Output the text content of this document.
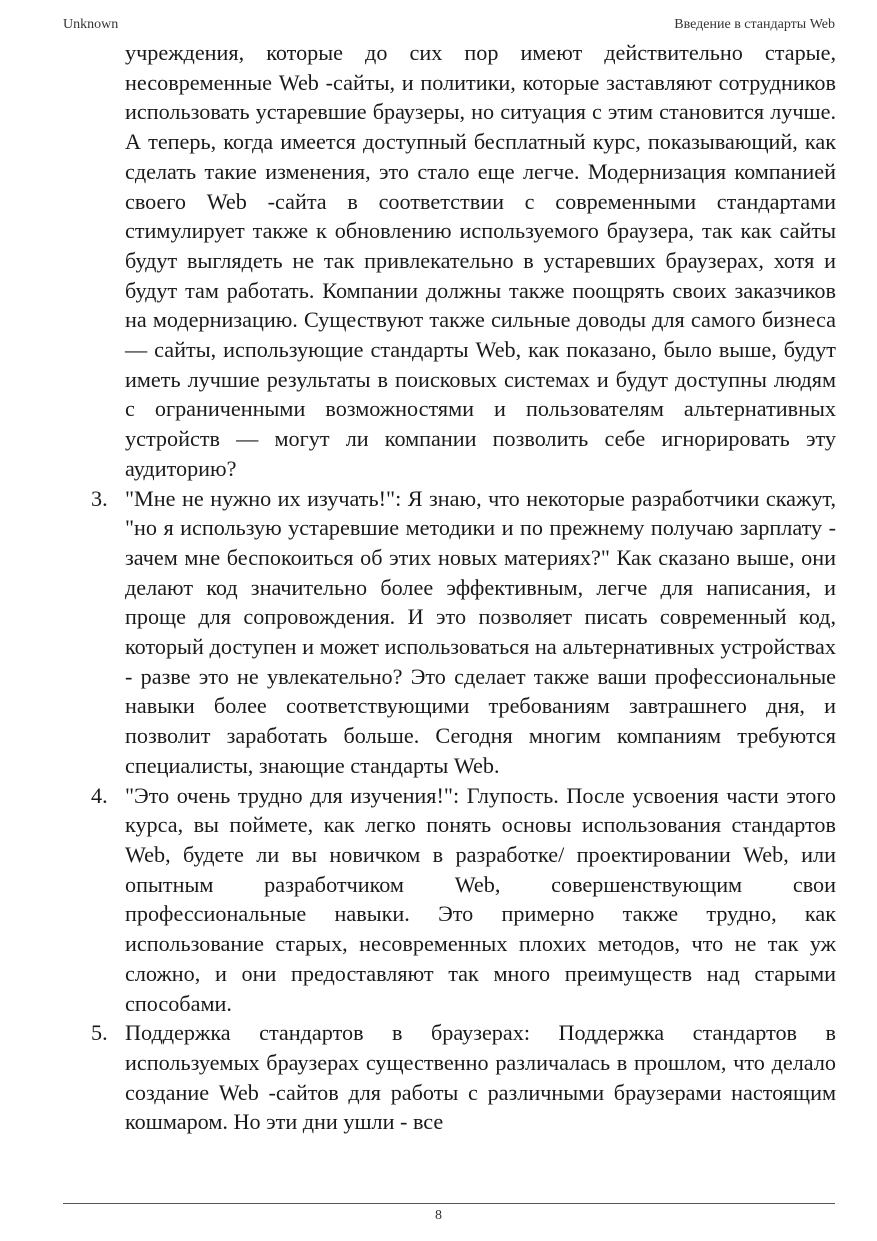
Unknown	Введение в стандарты Web

учреждения, которые до сих пор имеют действительно старые, несовременные Web -сайты, и политики, которые заставляют сотрудников использовать устаревшие браузеры, но ситуация с этим становится лучше. А теперь, когда имеется доступный бесплатный курс, показывающий, как сделать такие изменения, это стало еще легче. Модернизация компанией своего Web -сайта в соответствии с современными стандартами стимулирует также к обновлению используемого браузера, так как сайты будут выглядеть не так привлекательно в устаревших браузерах, хотя и будут там работать. Компании должны также поощрять своих заказчиков на модернизацию. Существуют также сильные доводы для самого бизнеса — сайты, использующие стандарты Web, как показано, было выше, будут иметь лучшие результаты в поисковых системах и будут доступны людям с ограниченными возможностями и пользователям альтернативных устройств — могут ли компании позволить себе игнорировать эту аудиторию?

3. "Мне не нужно их изучать!": Я знаю, что некоторые разработчики скажут, "но я использую устаревшие методики и по прежнему получаю зарплату - зачем мне беспокоиться об этих новых материях?" Как сказано выше, они делают код значительно более эффективным, легче для написания, и проще для сопровождения. И это позволяет писать современный код, который доступен и может использоваться на альтернативных устройствах - разве это не увлекательно? Это сделает также ваши профессиональные навыки более соответствующими требованиям завтрашнего дня, и позволит заработать больше. Сегодня многим компаниям требуются специалисты, знающие стандарты Web.
4. "Это очень трудно для изучения!": Глупость. После усвоения части этого курса, вы поймете, как легко понять основы использования стандартов Web, будете ли вы новичком в разработке/ проектировании Web, или опытным разработчиком Web, совершенствующим свои профессиональные навыки. Это примерно также трудно, как использование старых, несовременных плохих методов, что не так уж сложно, и они предоставляют так много преимуществ над старыми способами.
5. Поддержка стандартов в браузерах: Поддержка стандартов в используемых браузерах существенно различалась в прошлом, что делало создание Web -сайтов для работы с различными браузерами настоящим кошмаром. Но эти дни ушли - все
8
